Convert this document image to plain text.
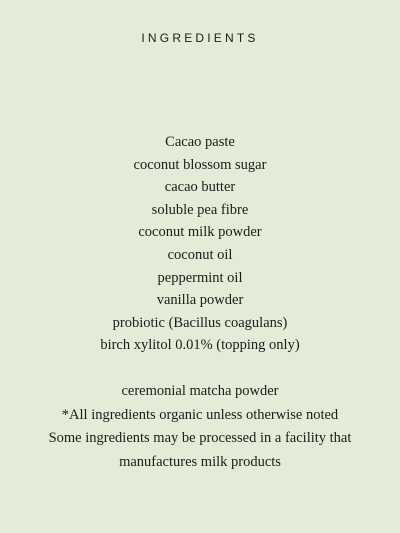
INGREDIENTS
Cacao paste
coconut blossom sugar
cacao butter
soluble pea fibre
coconut milk powder
coconut oil
peppermint oil
vanilla powder
probiotic (Bacillus coagulans)
birch xylitol 0.01% (topping only)
ceremonial matcha powder
*All ingredients organic unless otherwise noted
Some ingredients may be processed in a facility that
manufactures milk products
